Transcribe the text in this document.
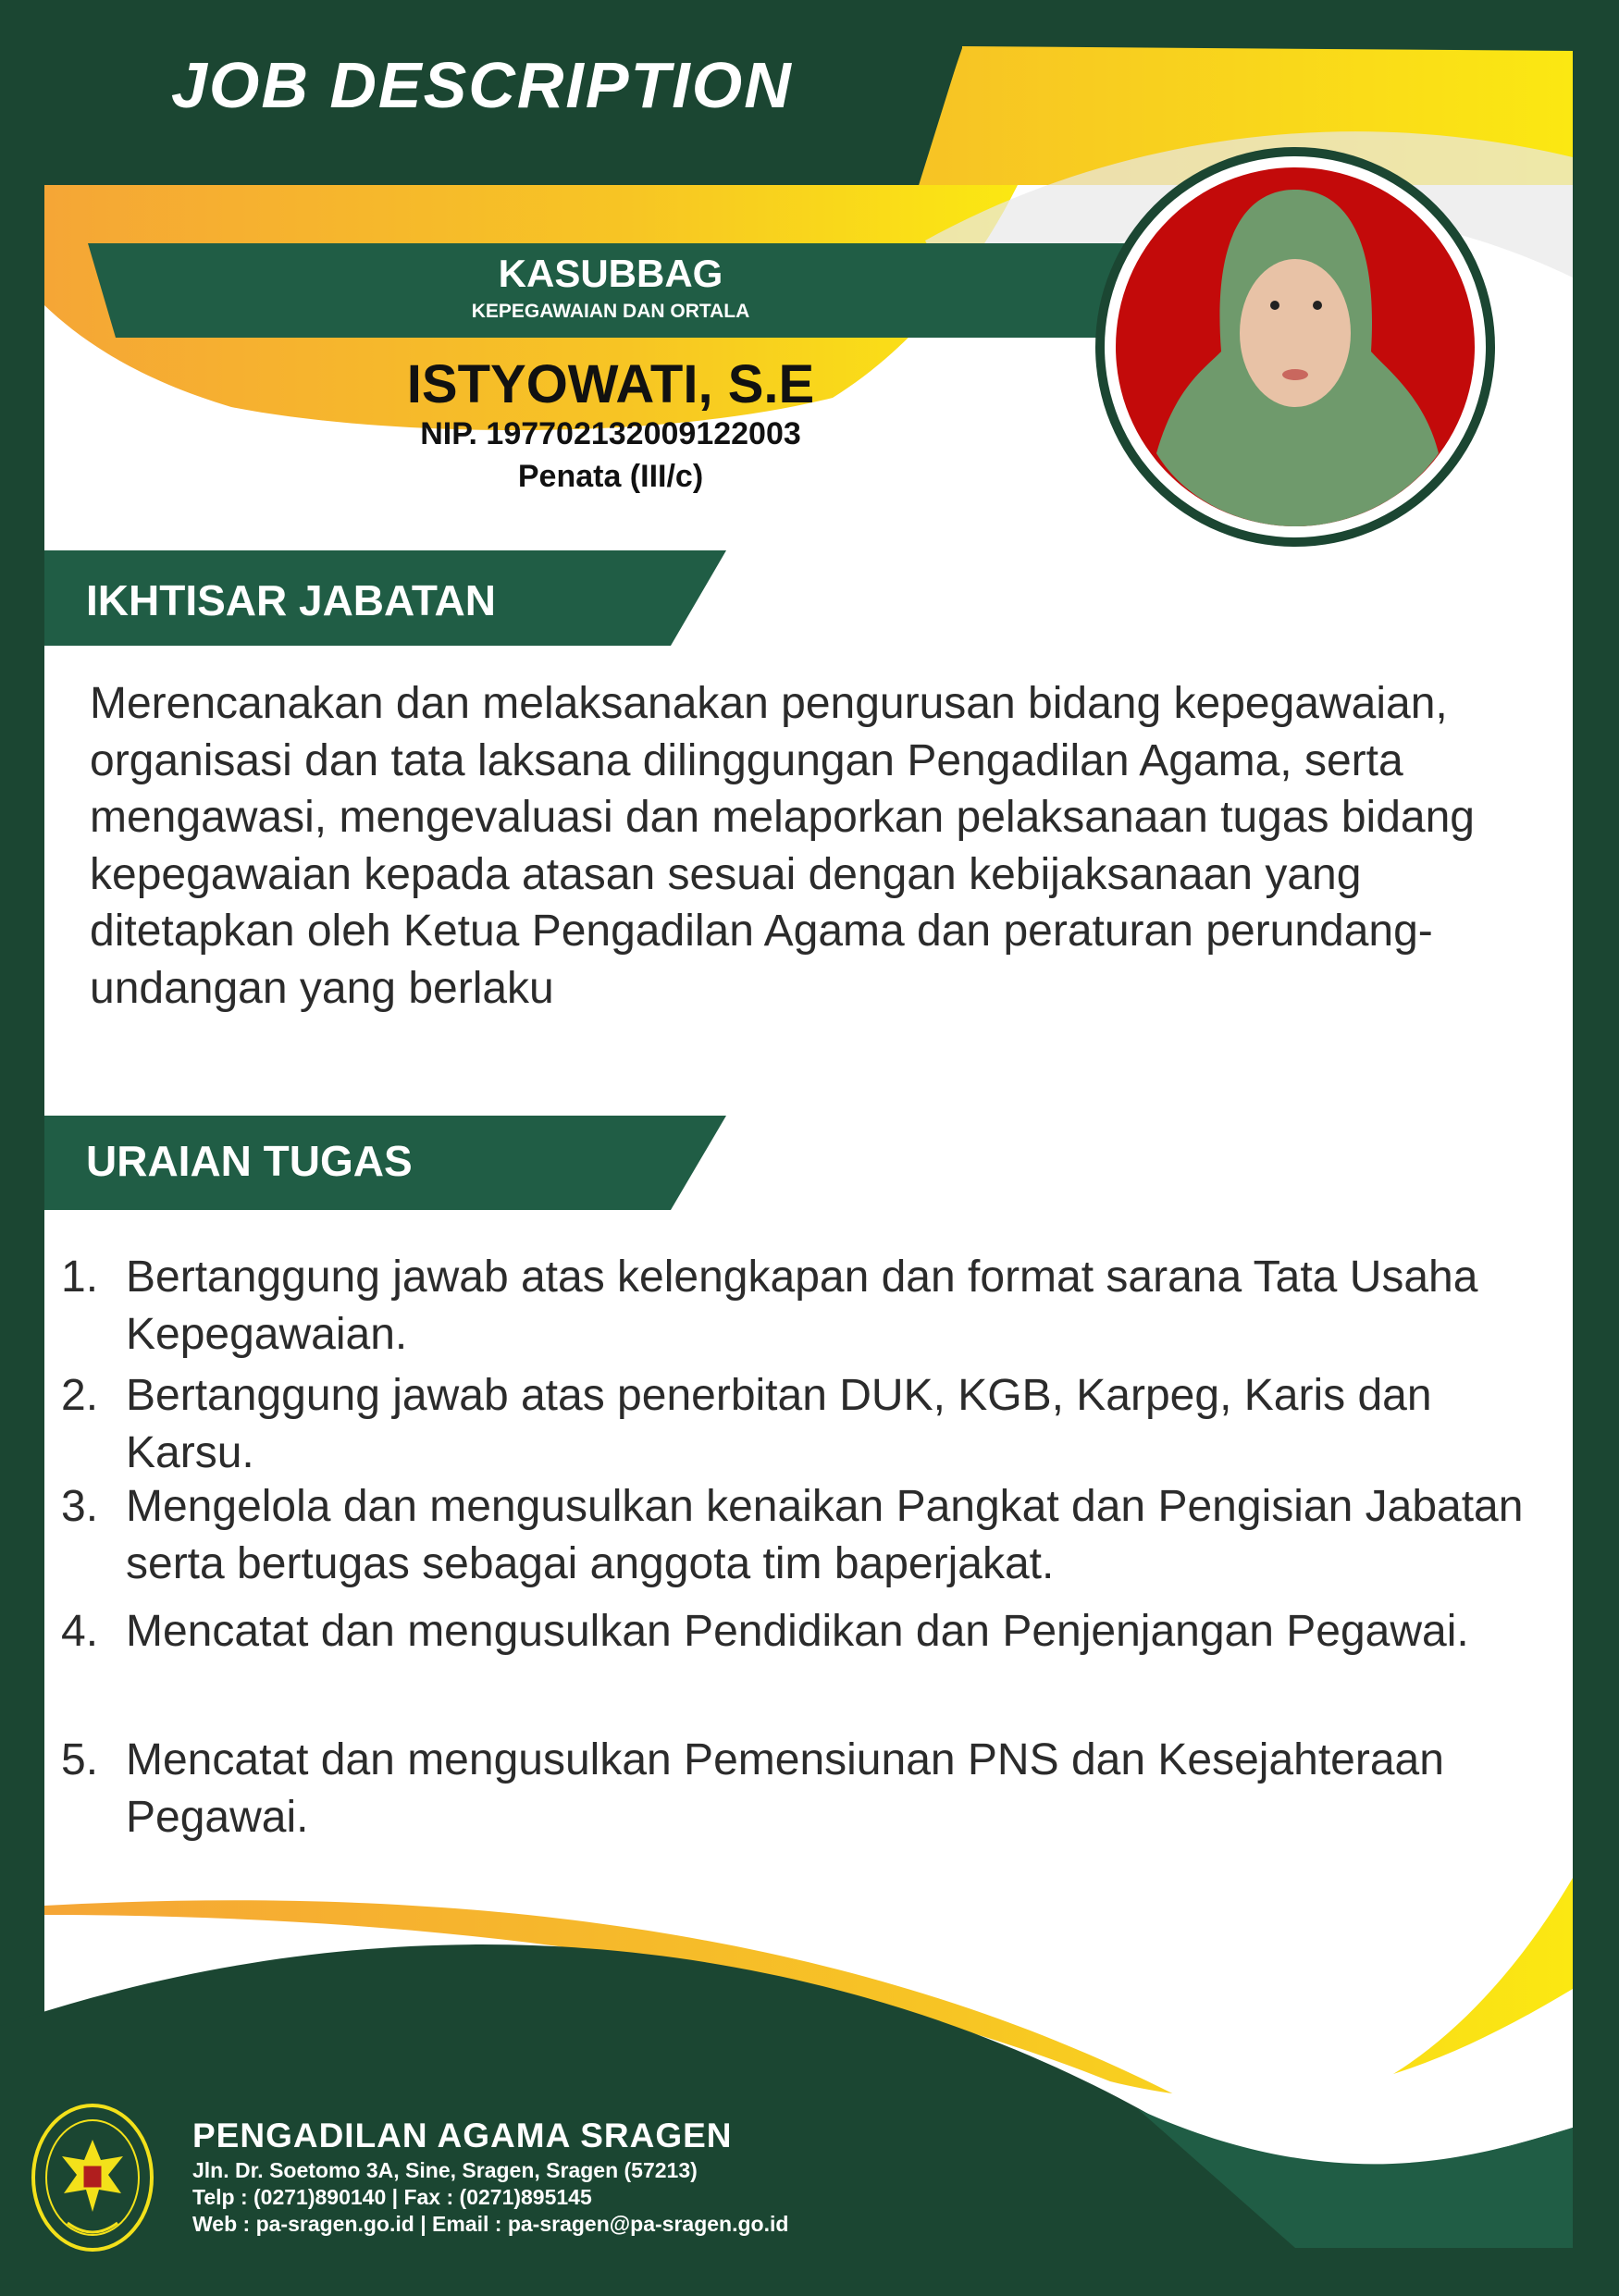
JOB DESCRIPTION
KASUBBAG
KEPEGAWAIAN DAN ORTALA
ISTYOWATI, S.E
NIP. 197702132009122003
Penata (III/c)
IKHTISAR JABATAN
Merencanakan dan melaksanakan pengurusan bidang kepegawaian, organisasi dan tata laksana dilinggungan Pengadilan Agama, serta mengawasi, mengevaluasi dan melaporkan pelaksanaan tugas bidang kepegawaian kepada atasan sesuai dengan kebijaksanaan yang ditetapkan oleh Ketua Pengadilan Agama dan peraturan perundang-undangan yang berlaku
URAIAN TUGAS
1. Bertanggung jawab atas kelengkapan dan format sarana Tata Usaha Kepegawaian.
2. Bertanggung jawab atas penerbitan DUK, KGB, Karpeg, Karis dan Karsu.
3. Mengelola dan mengusulkan kenaikan Pangkat dan Pengisian Jabatan serta bertugas sebagai anggota tim baperjakat.
4. Mencatat dan mengusulkan Pendidikan dan Penjenjangan Pegawai.
5. Mencatat dan mengusulkan Pemensiunan PNS dan Kesejahteraan Pegawai.
PENGADILAN AGAMA SRAGEN
Jln. Dr. Soetomo 3A, Sine, Sragen, Sragen (57213)
Telp : (0271)890140 | Fax : (0271)895145
Web : pa-sragen.go.id | Email : pa-sragen@pa-sragen.go.id
